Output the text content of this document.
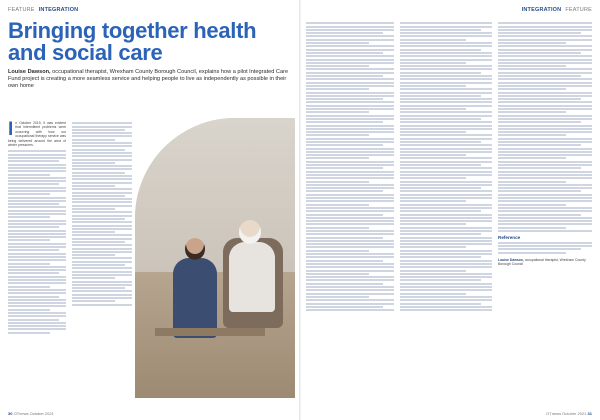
FEATURE INTEGRATION
Bringing together health
and social care
Louise Dawson, occupational therapist, Wrexham County Borough Council, explains how a pilot Integrated Care Fund project is creating a more seamless service and helping people to live as independently as possible in their own home

I n October 2019, it was evident that intermittent problems were occurring with how our occupational therapy service was being delivered around the area of winter pressures.

30 OTnews October 2021
INTEGRATION FEATURE
Reference
Louise Dawson, occupational therapist, Wrexham County Borough Council
OTnews October 2021 31
